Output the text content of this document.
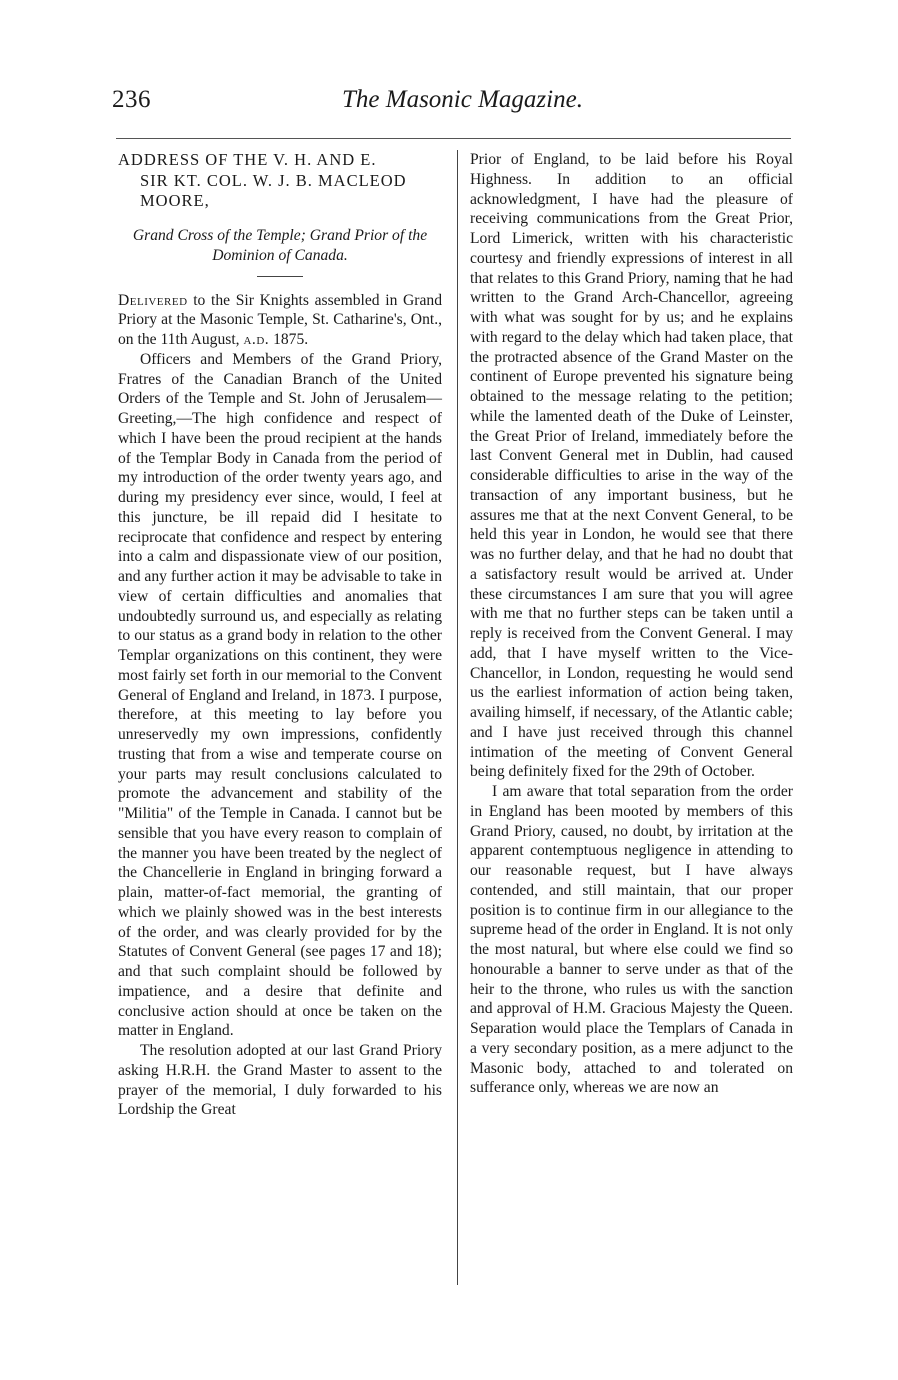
236	The Masonic Magazine.
ADDRESS OF THE V. H. AND E.
SIR KT. COL. W. J. B. MACLEOD
MOORE,
Grand Cross of the Temple; Grand Prior of the Dominion of Canada.

Delivered to the Sir Knights assembled in Grand Priory at the Masonic Temple, St. Catharine's, Ont., on the 11th August, a.d. 1875.

Officers and Members of the Grand Priory, Fratres of the Canadian Branch of the United Orders of the Temple and St. John of Jerusalem—Greeting,—The high confidence and respect of which I have been the proud recipient at the hands of the Templar Body in Canada from the period of my introduction of the order twenty years ago, and during my presidency ever since, would, I feel at this juncture, be ill repaid did I hesitate to reciprocate that confidence and respect by entering into a calm and dispassionate view of our position, and any further action it may be advisable to take in view of certain difficulties and anomalies that undoubtedly surround us, and especially as relating to our status as a grand body in relation to the other Templar organizations on this continent, they were most fairly set forth in our memorial to the Convent General of England and Ireland, in 1873. I purpose, therefore, at this meeting to lay before you unreservedly my own impressions, confidently trusting that from a wise and temperate course on your parts may result conclusions calculated to promote the advancement and stability of the "Militia" of the Temple in Canada. I cannot but be sensible that you have every reason to complain of the manner you have been treated by the neglect of the Chancellerie in England in bringing forward a plain, matter-of-fact memorial, the granting of which we plainly showed was in the best interests of the order, and was clearly provided for by the Statutes of Convent General (see pages 17 and 18); and that such complaint should be followed by impatience, and a desire that definite and conclusive action should at once be taken on the matter in England.

The resolution adopted at our last Grand Priory asking H.R.H. the Grand Master to assent to the prayer of the memorial, I duly forwarded to his Lordship the Great

Prior of England, to be laid before his Royal Highness. In addition to an official acknowledgment, I have had the pleasure of receiving communications from the Great Prior, Lord Limerick, written with his characteristic courtesy and friendly expressions of interest in all that relates to this Grand Priory, naming that he had written to the Grand Arch-Chancellor, agreeing with what was sought for by us; and he explains with regard to the delay which had taken place, that the protracted absence of the Grand Master on the continent of Europe prevented his signature being obtained to the message relating to the petition; while the lamented death of the Duke of Leinster, the Great Prior of Ireland, immediately before the last Convent General met in Dublin, had caused considerable difficulties to arise in the way of the transaction of any important business, but he assures me that at the next Convent General, to be held this year in London, he would see that there was no further delay, and that he had no doubt that a satisfactory result would be arrived at. Under these circumstances I am sure that you will agree with me that no further steps can be taken until a reply is received from the Convent General. I may add, that I have myself written to the Vice-Chancellor, in London, requesting he would send us the earliest information of action being taken, availing himself, if necessary, of the Atlantic cable; and I have just received through this channel intimation of the meeting of Convent General being definitely fixed for the 29th of October.

I am aware that total separation from the order in England has been mooted by members of this Grand Priory, caused, no doubt, by irritation at the apparent contemptuous negligence in attending to our reasonable request, but I have always contended, and still maintain, that our proper position is to continue firm in our allegiance to the supreme head of the order in England. It is not only the most natural, but where else could we find so honourable a banner to serve under as that of the heir to the throne, who rules us with the sanction and approval of H.M. Gracious Majesty the Queen. Separation would place the Templars of Canada in a very secondary position, as a mere adjunct to the Masonic body, attached to and tolerated on sufferance only, whereas we are now an
